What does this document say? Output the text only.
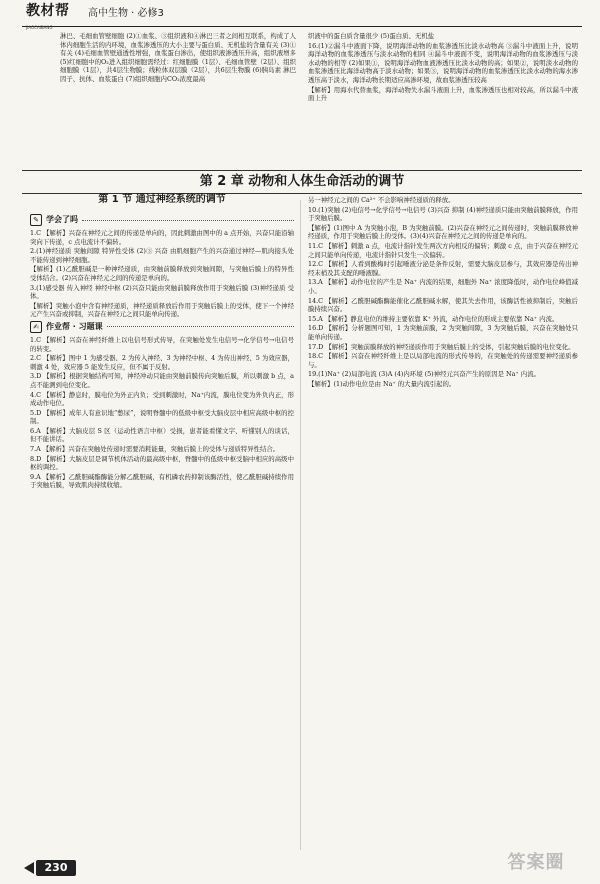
教材帮 高中生物 · 必修3
JIAOCAIBANG

淋巴、毛细血管壁细胞 (2)①血浆、③组织液和④淋巴三者之间相互联系，构成了人体内细胞生活的内环境，血浆渗透压的大小主要与蛋白质、无机盐的含量有关 (3)①有关 (4)毛细血管壁通透性增强，血浆蛋白渗出，使组织液渗透压升高，组织液增多 (5)红细胞中的O₂进入组织细胞需经过：红细胞膜（1层）、毛细血管壁（2层）、组织细胞膜（1层），共4层生物膜；线粒体双层膜（2层），共6层生物膜 (6)胰岛素 淋巴因子、抗体、血浆蛋白 (7)组织细胞内CO₂浓度最高

织液中的蛋白质含量很少 (5)蛋白质、无机盐

16.(1)②漏斗中液面下降，说明海洋动物的血浆渗透压比淡水动物高 ③漏斗中液面上升，说明海洋动物的血浆渗透压与淡水动物的相同 ④漏斗中液面不变，说明海洋动物的血浆渗透压与淡水动物的相等 (2)如果①，说明海洋动物血液渗透压比淡水动物的高；如果②，说明淡水动物的血浆渗透压比海洋动物高于淡水动物；如果③，说明海洋动物的血浆渗透压比淡水动物的海水渗透压高于淡水，海洋动物长期适应高渗环境，故血浆渗透压较高

【解析】用海水代替血浆，海洋动物失水漏斗液面上升，血浆渗透压也相对较高，所以漏斗中液面上升

第 2 章 动物和人体生命活动的调节
第 1 节 通过神经系统的调节
✎ 学会了吗

1.C 【解析】兴奋在神经元之间的传递是单向的，因此刺激由图中的 a 点开始，兴奋只能沿轴突向下传递，c 点电流计不偏转。

2.(1)神经递质 突触间隙 特异性受体 (2)③ 兴奋 由肌细胞产生的兴奋通过神经—肌肉接头处不能传递到神经细胞。

【解析】(1)乙酰胆碱是一种神经递质，由突触前膜释放到突触间隙，与突触后膜上的特异性受体结合。(2)兴奋在神经元之间的传递是单向的。

3.(1)感受器 传入神经 神经中枢 (2)兴奋只能由突触前膜释放作用于突触后膜 (3)神经递质 受体。

【解析】突触小泡中含有神经递质，神经递质释放后作用于突触后膜上的受体，使下一个神经元产生兴奋或抑制，兴奋在神经元之间只能单向传递。

✍ 作业帮 · 习题课

1.C 【解析】兴奋在神经纤维上以电信号形式传导，在突触处发生电信号→化学信号→电信号的转变。

2.C 【解析】图中 1 为感受器、2 为传入神经、3 为神经中枢、4 为传出神经、5 为效应器，刺激 4 处，效应器 5 能发生反应，但不属于反射。

3.D 【解析】根据突触结构可知，神经冲动只能由突触前膜传向突触后膜，所以刺激 b 点，a 点不能测到电位变化。

4.C 【解析】静息时，膜电位为外正内负；受到刺激时，Na⁺内流，膜电位变为外负内正，形成动作电位。

5.D 【解析】成年人有意识地“憋尿”，说明脊髓中的低级中枢受大脑皮层中相应高级中枢的控制。

6.A 【解析】大脑皮层 S 区（运动性语言中枢）受损，患者能看懂文字、听懂别人的谈话，但不能讲话。

7.A 【解析】兴奋在突触处传递时需要消耗能量，突触后膜上的受体与递质特异性结合。

8.D 【解析】大脑皮层是调节机体活动的最高级中枢，脊髓中的低级中枢受脑中相应的高级中枢的调控。

9.A 【解析】乙酰胆碱酯酶能分解乙酰胆碱，有机磷农药抑制该酶活性，使乙酰胆碱持续作用于突触后膜，导致肌肉持续收缩。

另一神经元之间的 Ca²⁺ 不会影响神经递质的释放。

10.(1)突触 (2)电信号→化学信号→电信号 (3)兴奋 抑制 (4)神经递质只能由突触前膜释放，作用于突触后膜。

【解析】(1)图中 A 为突触小泡，B 为突触前膜。(2)兴奋在神经元之间传递时，突触前膜释放神经递质，作用于突触后膜上的受体。(3)(4)兴奋在神经元之间的传递是单向的。

11.C 【解析】刺激 a 点，电流计指针发生两次方向相反的偏转；刺激 c 点，由于兴奋在神经元之间只能单向传递，电流计指针只发生一次偏转。

12.C 【解析】人看到酸梅时引起唾液分泌是条件反射，需要大脑皮层参与，其效应器是传出神经末梢及其支配的唾液腺。

13.A 【解析】动作电位的产生是 Na⁺ 内流的结果，细胞外 Na⁺ 浓度降低时，动作电位峰值减小。

14.C 【解析】乙酰胆碱酯酶能催化乙酰胆碱水解，使其失去作用，该酶活性被抑制后，突触后膜持续兴奋。

15.A 【解析】静息电位的维持主要依靠 K⁺ 外流，动作电位的形成主要依靠 Na⁺ 内流。

16.D 【解析】分析题图可知，1 为突触前膜，2 为突触间隙，3 为突触后膜，兴奋在突触处只能单向传递。

17.D 【解析】突触前膜释放的神经递质作用于突触后膜上的受体，引起突触后膜的电位变化。

18.C 【解析】兴奋在神经纤维上是以局部电流的形式传导的，在突触处的传递需要神经递质参与。

19.(1)Na⁺ (2)局部电流 (3)A (4)内环境 (5)神经元兴奋产生的原因是 Na⁺ 内流。

【解析】(1)动作电位是由 Na⁺ 的大量内流引起的。

230	答案圈
